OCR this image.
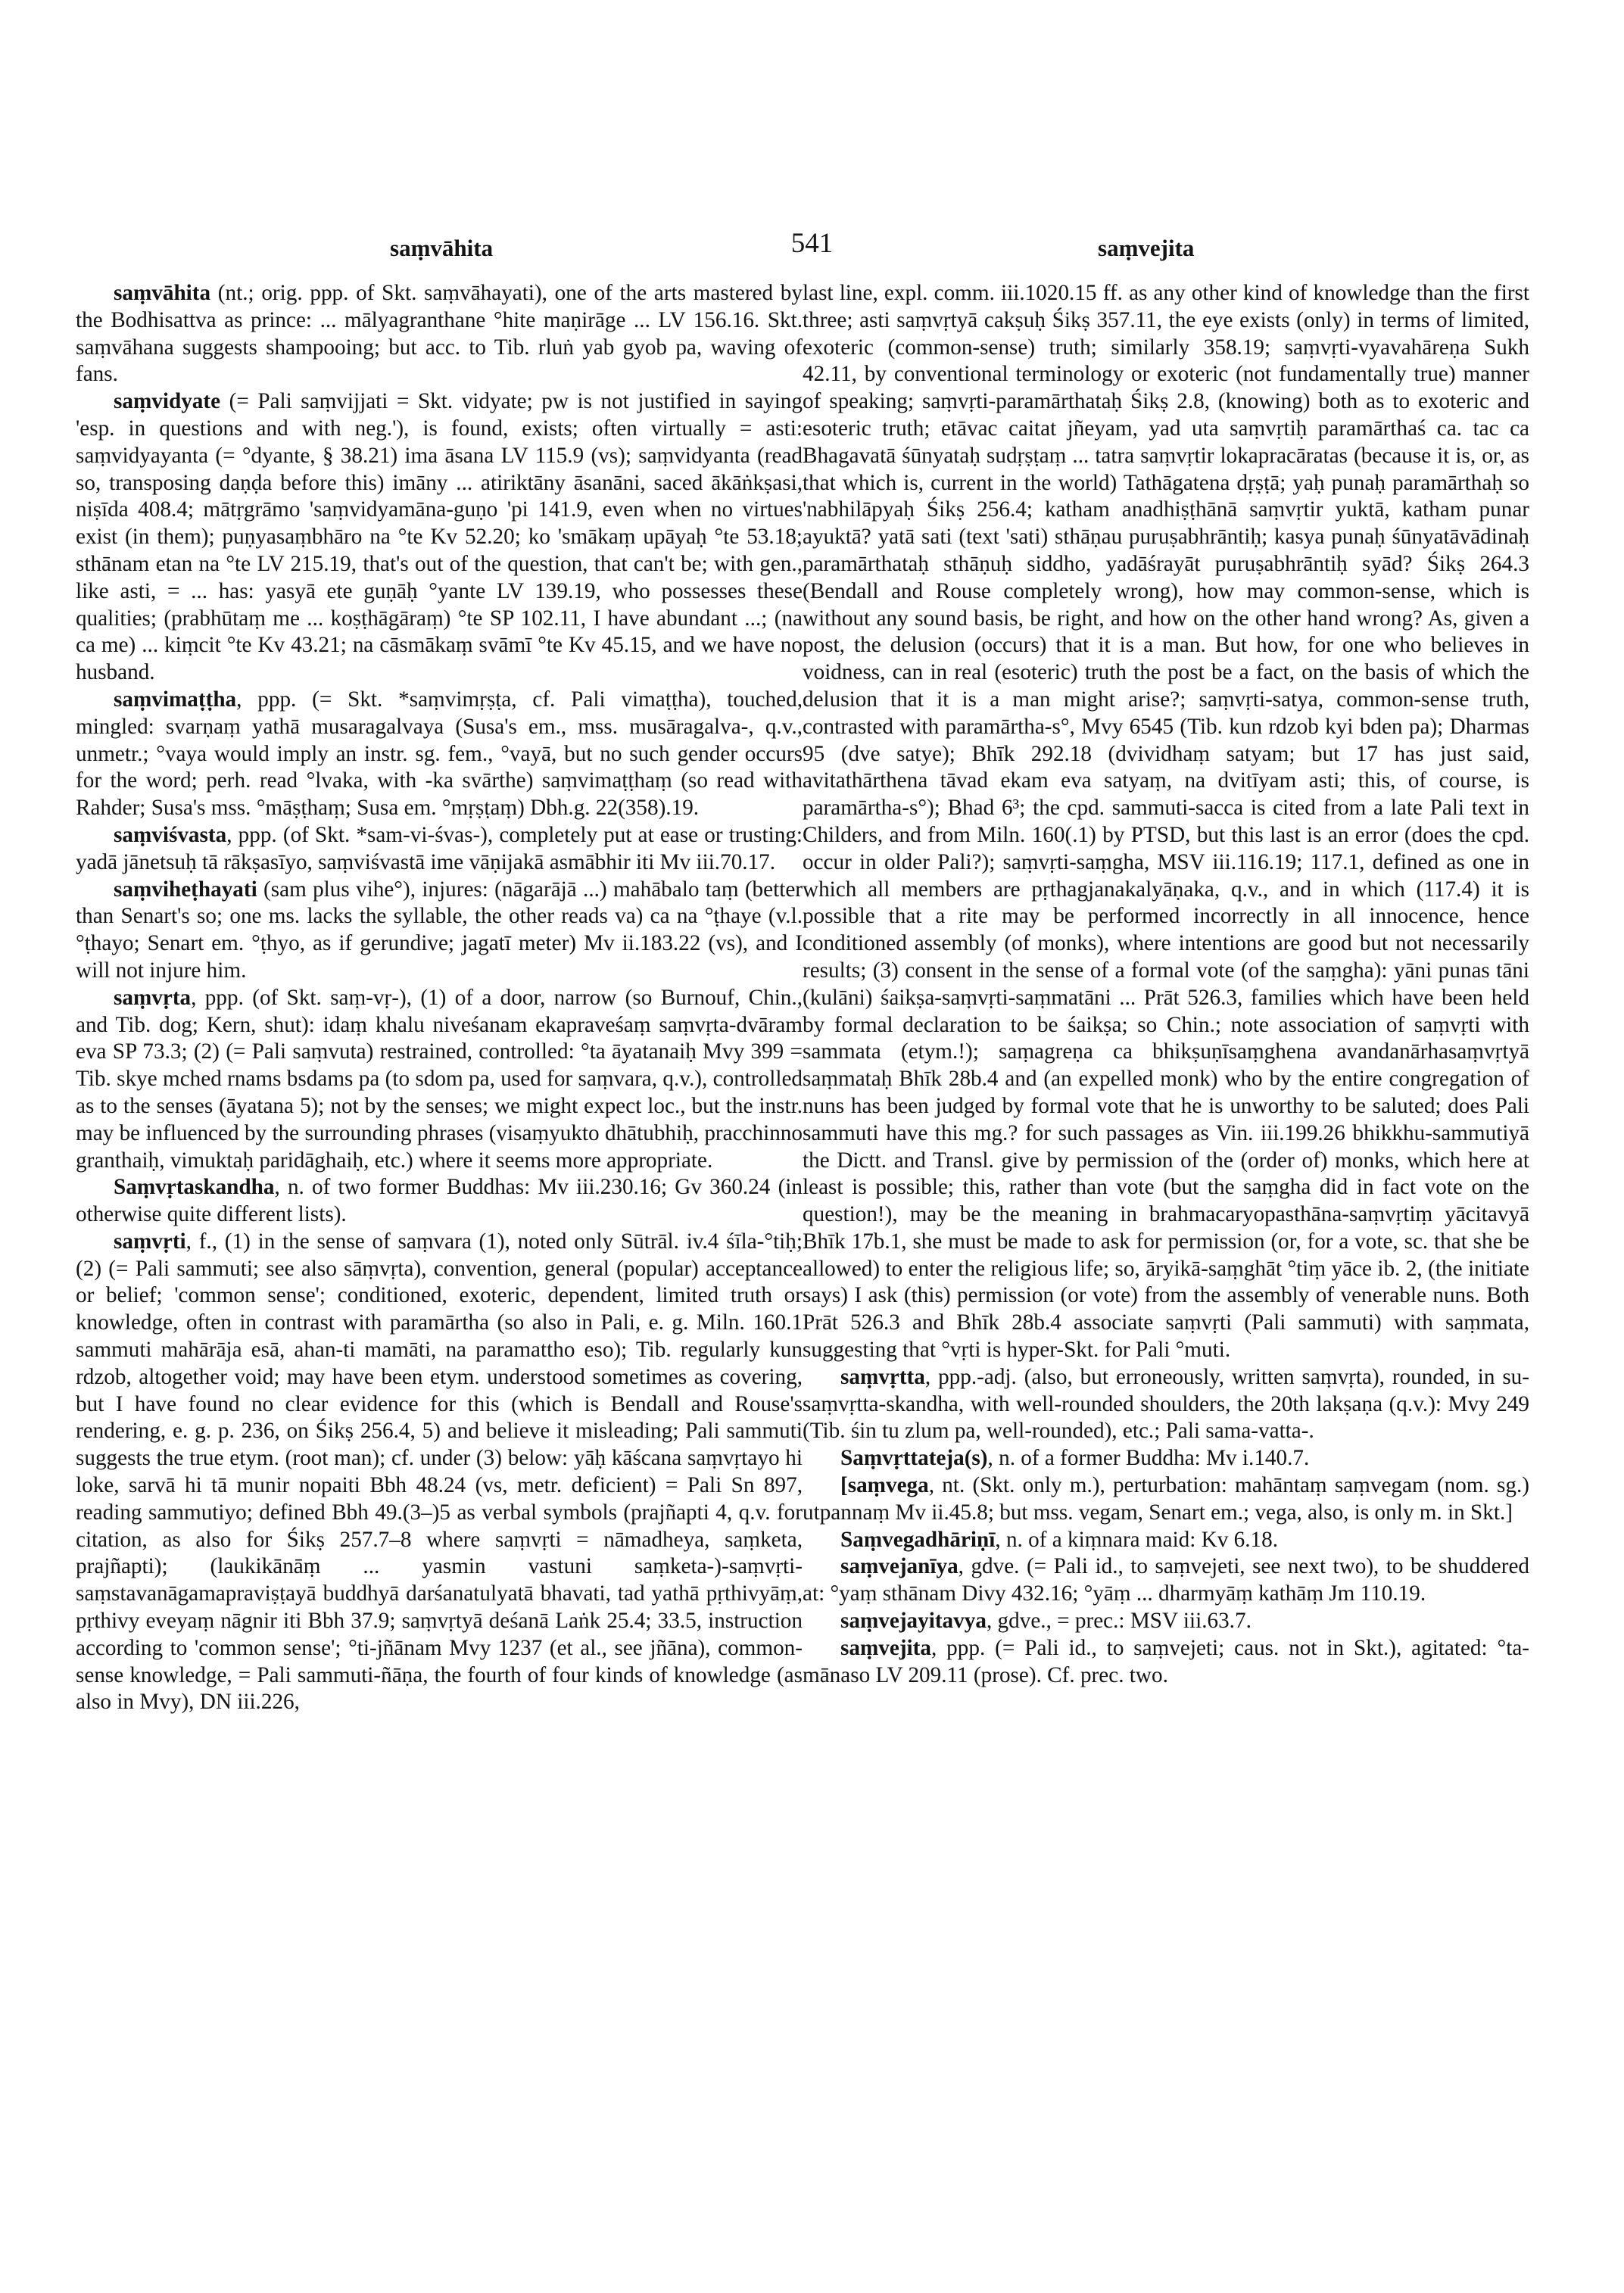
saṃvāhita	541	saṃvejita

saṃvāhita (nt.; orig. ppp. of Skt. saṃvāhayati), one of the arts mastered by the Bodhisattva as prince: ... mālyagranthane °hite maṇirāge ... LV 156.16. Skt. saṃvāhana suggests shampooing; but acc. to Tib. rluṅ yab gyob pa, waving of fans.

saṃvidyate (= Pali saṃvijjati = Skt. vidyate; pw is not justified in saying 'esp. in questions and with neg.'), is found, exists; often virtually = asti: saṃvidyayanta (= °dyante, § 38.21) ima āsana LV 115.9 (vs); saṃvidyanta (read so, transposing daṇḍa before this) imāny ... atiriktāny āsanāni, saced ākāṅkṣasi, niṣīda 408.4; mātṛgrāmo 'saṃvidyamāna-guṇo 'pi 141.9, even when no virtues exist (in them); puṇyasaṃbhāro na °te Kv 52.20; ko 'smākaṃ upāyaḥ °te 53.18; sthānam etan na °te LV 215.19, that's out of the question, that can't be; with gen., like asti, = ... has: yasyā ete guṇāḥ °yante LV 139.19, who possesses these qualities; (prabhūtaṃ me ... koṣṭhāgāraṃ) °te SP 102.11, I have abundant ...; (na ca me) ... kiṃcit °te Kv 43.21; na cāsmākaṃ svāmī °te Kv 45.15, and we have no husband.

saṃvimaṭṭha, ppp. (= Skt. *saṃvimṛṣṭa, cf. Pali vimaṭṭha), touched, mingled: svarṇaṃ yathā musaragalvaya (Susa's em., mss. musāragalva-, q.v., unmetr.; °vaya would imply an instr. sg. fem., °vayā, but no such gender occurs for the word; perh. read °lvaka, with -ka svārthe) saṃvimaṭṭhaṃ (so read with Rahder; Susa's mss. °māṣṭhaṃ; Susa em. °mṛṣṭaṃ) Dbh.g. 22(358).19.

saṃviśvasta, ppp. (of Skt. *sam-vi-śvas-), completely put at ease or trusting: yadā jānetsuḥ tā rākṣasīyo, saṃviśvastā ime vāṇijakā asmābhir iti Mv iii.70.17.

saṃviheṭhayati (sam plus vihe°), injures: (nāgarājā ...) mahābalo taṃ (better than Senart's so; one ms. lacks the syllable, the other reads va) ca na °ṭhaye (v.l. °ṭhayo; Senart em. °ṭhyo, as if gerundive; jagatī meter) Mv ii.183.22 (vs), and I will not injure him.

saṃvṛta, ppp. (of Skt. saṃ-vṛ-), (1) of a door, narrow (so Burnouf, Chin., and Tib. dog; Kern, shut): idaṃ khalu niveśanam ekapraveśaṃ saṃvṛta-dvāram eva SP 73.3; (2) (= Pali saṃvuta) restrained, controlled: °ta āyatanaiḥ Mvy 399 = Tib. skye mched rnams bsdams pa (to sdom pa, used for saṃvara, q.v.), controlled as to the senses (āyatana 5); not by the senses; we might expect loc., but the instr. may be influenced by the surrounding phrases (visaṃyukto dhātubhiḥ, pracchinno granthaiḥ, vimuktaḥ paridāghaiḥ, etc.) where it seems more appropriate.

Saṃvṛtaskandha, n. of two former Buddhas: Mv iii.230.16; Gv 360.24 (in otherwise quite different lists).

saṃvṛti, f., (1) in the sense of saṃvara (1), noted only Sūtrāl. iv.4 śīla-°tiḥ; (2) (= Pali sammuti; see also sāṃvṛta), convention, general (popular) acceptance or belief; 'common sense'; conditioned, exoteric, dependent, limited truth or knowledge, often in contrast with paramārtha (so also in Pali, e. g. Miln. 160.1 sammuti mahārāja esā, ahan-ti mamāti, na paramattho eso); Tib. regularly kun rdzob, altogether void; may have been etym. understood sometimes as covering, but I have found no clear evidence for this (which is Bendall and Rouse's rendering, e. g. p. 236, on Śikṣ 256.4, 5) and believe it misleading; Pali sammuti suggests the true etym. (root man); cf. under (3) below: yāḥ kāścana saṃvṛtayo hi loke, sarvā hi tā munir nopaiti Bbh 48.24 (vs, metr. deficient) = Pali Sn 897, reading sammutiyo; defined Bbh 49.(3–)5 as verbal symbols (prajñapti 4, q.v. for citation, as also for Śikṣ 257.7–8 where saṃvṛti = nāmadheya, saṃketa, prajñapti); (laukikānāṃ ... yasmin vastuni saṃketa-)-saṃvṛti-saṃstavanāgamapraviṣṭayā buddhyā darśanatulyatā bhavati, tad yathā pṛthivyāṃ, pṛthivy eveyaṃ nāgnir iti Bbh 37.9; saṃvṛtyā deśanā Laṅk 25.4; 33.5, instruction according to 'common sense'; °ti-jñānam Mvy 1237 (et al., see jñāna), common-sense knowledge, = Pali sammuti-ñāṇa, the fourth of four kinds of knowledge (as also in Mvy), DN iii.226,

last line, expl. comm. iii.1020.15 ff. as any other kind of knowledge than the first three; asti saṃvṛtyā cakṣuḥ Śikṣ 357.11, the eye exists (only) in terms of limited, exoteric (common-sense) truth; similarly 358.19; saṃvṛti-vyavahāreṇa Sukh 42.11, by conventional terminology or exoteric (not fundamentally true) manner of speaking; saṃvṛti-paramārthataḥ Śikṣ 2.8, (knowing) both as to exoteric and esoteric truth; etāvac caitat jñeyam, yad uta saṃvṛtiḥ paramārthaś ca. tac ca Bhagavatā śūnyataḥ sudṛṣṭaṃ ... tatra saṃvṛtir lokapracāratas (because it is, or, as that which is, current in the world) Tathāgatena dṛṣṭā; yaḥ punaḥ paramārthaḥ so 'nabhilāpyaḥ Śikṣ 256.4; katham anadhiṣṭhānā saṃvṛtir yuktā, katham punar ayuktā? yatā sati (text 'sati) sthāṇau puruṣabhrāntiḥ; kasya punaḥ śūnyatāvādinaḥ paramārthataḥ sthāṇuḥ siddho, yadāśrayāt puruṣabhrāntiḥ syād? Śikṣ 264.3 (Bendall and Rouse completely wrong), how may common-sense, which is without any sound basis, be right, and how on the other hand wrong? As, given a post, the delusion (occurs) that it is a man. But how, for one who believes in voidness, can in real (esoteric) truth the post be a fact, on the basis of which the delusion that it is a man might arise?; saṃvṛti-satya, common-sense truth, contrasted with paramārtha-s°, Mvy 6545 (Tib. kun rdzob kyi bden pa); Dharmas 95 (dve satye); Bhīk 292.18 (dvividhaṃ satyam; but 17 has just said, avitathārthena tāvad ekam eva satyaṃ, na dvitīyam asti; this, of course, is paramārtha-s°); Bhad 6³; the cpd. sammuti-sacca is cited from a late Pali text in Childers, and from Miln. 160(.1) by PTSD, but this last is an error (does the cpd. occur in older Pali?); saṃvṛti-saṃgha, MSV iii.116.19; 117.1, defined as one in which all members are pṛthagjanakalyāṇaka, q.v., and in which (117.4) it is possible that a rite may be performed incorrectly in all innocence, hence conditioned assembly (of monks), where intentions are good but not necessarily results; (3) consent in the sense of a formal vote (of the saṃgha): yāni punas tāni (kulāni) śaikṣa-saṃvṛti-saṃmatāni ... Prāt 526.3, families which have been held by formal declaration to be śaikṣa; so Chin.; note association of saṃvṛti with sammata (etym.!); saṃagreṇa ca bhikṣuṇīsaṃghena avandanārhasaṃvṛtyā saṃmataḥ Bhīk 28b.4 and (an expelled monk) who by the entire congregation of nuns has been judged by formal vote that he is unworthy to be saluted; does Pali sammuti have this mg.? for such passages as Vin. iii.199.26 bhikkhu-sammutiyā the Dictt. and Transl. give by permission of the (order of) monks, which here at least is possible; this, rather than vote (but the saṃgha did in fact vote on the question!), may be the meaning in brahmacaryopasthāna-saṃvṛtiṃ yācitavyā Bhīk 17b.1, she must be made to ask for permission (or, for a vote, sc. that she be allowed) to enter the religious life; so, āryikā-saṃghāt °tiṃ yāce ib. 2, (the initiate says) I ask (this) permission (or vote) from the assembly of venerable nuns. Both Prāt 526.3 and Bhīk 28b.4 associate saṃvṛti (Pali sammuti) with saṃmata, suggesting that °vṛti is hyper-Skt. for Pali °muti.

saṃvṛtta, ppp.-adj. (also, but erroneously, written saṃvṛta), rounded, in su-saṃvṛtta-skandha, with well-rounded shoulders, the 20th lakṣaṇa (q.v.): Mvy 249 (Tib. śin tu zlum pa, well-rounded), etc.; Pali sama-vatta-.

Saṃvṛttateja(s), n. of a former Buddha: Mv i.140.7.

[saṃvega, nt. (Skt. only m.), perturbation: mahāntaṃ saṃvegam (nom. sg.) utpannaṃ Mv ii.45.8; but mss. vegam, Senart em.; vega, also, is only m. in Skt.]

Saṃvegadhāriṇī, n. of a kiṃnara maid: Kv 6.18.

saṃvejanīya, gdve. (= Pali id., to saṃvejeti, see next two), to be shuddered at: °yaṃ sthānam Divy 432.16; °yāṃ ... dharmyāṃ kathāṃ Jm 110.19.

saṃvejayitavya, gdve., = prec.: MSV iii.63.7.

saṃvejita, ppp. (= Pali id., to saṃvejeti; caus. not in Skt.), agitated: °ta-mānaso LV 209.11 (prose). Cf. prec. two.
